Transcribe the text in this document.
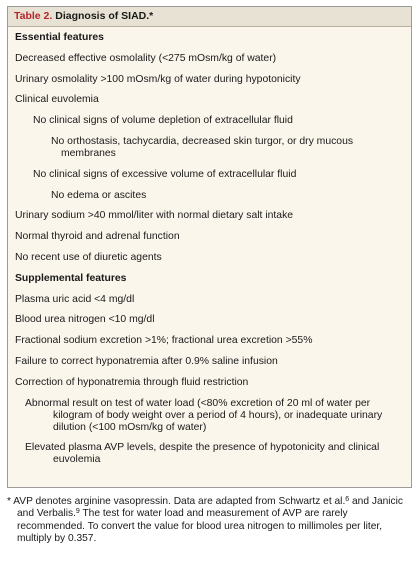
Table 2. Diagnosis of SIAD.*
Essential features
Decreased effective osmolality (<275 mOsm/kg of water)
Urinary osmolality >100 mOsm/kg of water during hypotonicity
Clinical euvolemia
No clinical signs of volume depletion of extracellular fluid
No orthostasis, tachycardia, decreased skin turgor, or dry mucous membranes
No clinical signs of excessive volume of extracellular fluid
No edema or ascites
Urinary sodium >40 mmol/liter with normal dietary salt intake
Normal thyroid and adrenal function
No recent use of diuretic agents
Supplemental features
Plasma uric acid <4 mg/dl
Blood urea nitrogen <10 mg/dl
Fractional sodium excretion >1%; fractional urea excretion >55%
Failure to correct hyponatremia after 0.9% saline infusion
Correction of hyponatremia through fluid restriction
Abnormal result on test of water load (<80% excretion of 20 ml of water per kilogram of body weight over a period of 4 hours), or inadequate urinary dilution (<100 mOsm/kg of water)
Elevated plasma AVP levels, despite the presence of hypotonicity and clinical euvolemia
* AVP denotes arginine vasopressin. Data are adapted from Schwartz et al.$^6$ and Janicic and Verbalis.$^9$ The test for water load and measurement of AVP are rarely recommended. To convert the value for blood urea nitrogen to millimoles per liter, multiply by 0.357.
